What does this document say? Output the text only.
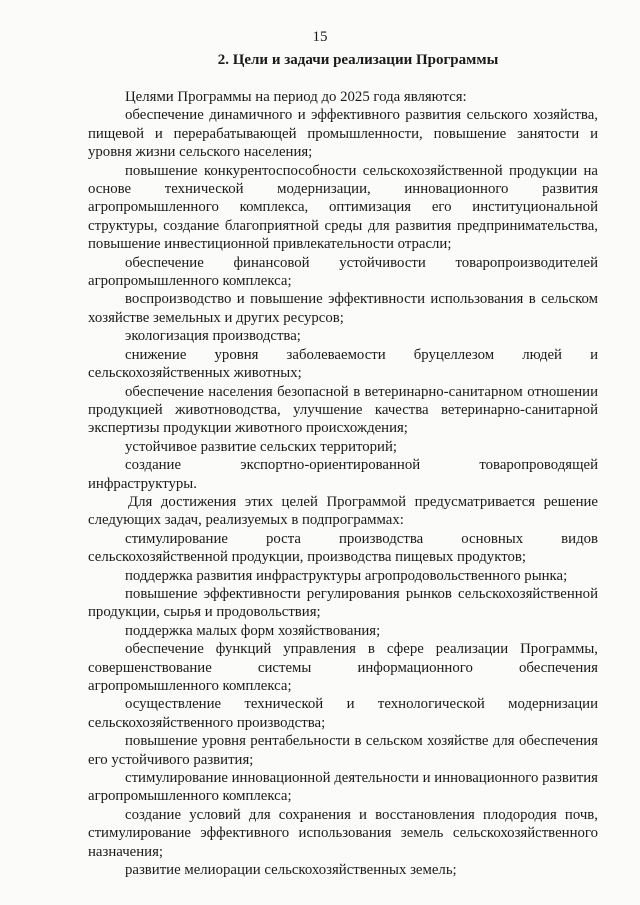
15
2. Цели и задачи реализации Программы

Целями Программы на период до 2025 года являются:

обеспечение динамичного и эффективного развития сельского хозяйства, пищевой и перерабатывающей промышленности, повышение занятости и уровня жизни сельского населения;

повышение конкурентоспособности сельскохозяйственной продукции на основе технической модернизации, инновационного развития агропромышленного комплекса, оптимизация его институциональной структуры, создание благоприятной среды для развития предпринимательства, повышение инвестиционной привлекательности отрасли;

обеспечение финансовой устойчивости товаропроизводителей агропромышленного комплекса;

воспроизводство и повышение эффективности использования в сельском хозяйстве земельных и других ресурсов;

экологизация производства;

снижение уровня заболеваемости бруцеллезом людей и сельскохозяйственных животных;

обеспечение населения безопасной в ветеринарно-санитарном отношении продукцией животноводства, улучшение качества ветеринарно-санитарной экспертизы продукции животного происхождения;

устойчивое развитие сельских территорий;

создание экспортно-ориентированной товаропроводящей инфраструктуры.

Для достижения этих целей Программой предусматривается решение следующих задач, реализуемых в подпрограммах:

стимулирование роста производства основных видов сельскохозяйственной продукции, производства пищевых продуктов;

поддержка развития инфраструктуры агропродовольственного рынка;

повышение эффективности регулирования рынков сельскохозяйственной продукции, сырья и продовольствия;

поддержка малых форм хозяйствования;

обеспечение функций управления в сфере реализации Программы, совершенствование системы информационного обеспечения агропромышленного комплекса;

осуществление технической и технологической модернизации сельскохозяйственного производства;

повышение уровня рентабельности в сельском хозяйстве для обеспечения его устойчивого развития;

стимулирование инновационной деятельности и инновационного развития агропромышленного комплекса;

создание условий для сохранения и восстановления плодородия почв, стимулирование эффективного использования земель сельскохозяйственного назначения;

развитие мелиорации сельскохозяйственных земель;
